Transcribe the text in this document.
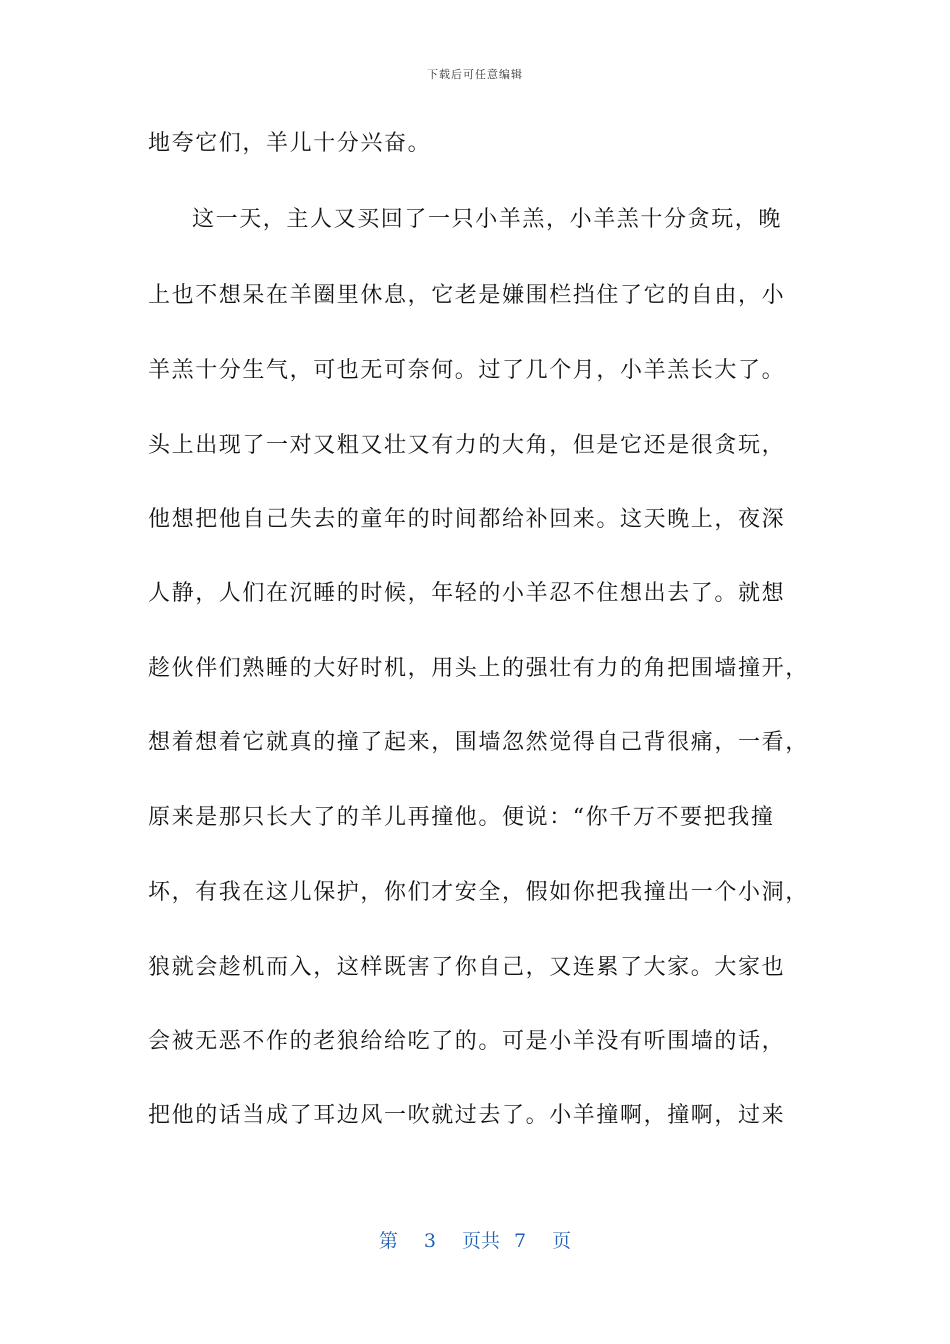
下载后可任意编辑
地夸它们，羊儿十分兴奋。
这一天，主人又买回了一只小羊羔，小羊羔十分贪玩，晚
上也不想呆在羊圈里休息，它老是嫌围栏挡住了它的自由，小
羊羔十分生气，可也无可奈何。过了几个月，小羊羔长大了。
头上出现了一对又粗又壮又有力的大角，但是它还是很贪玩，
他想把他自己失去的童年的时间都给补回来。这天晚上，夜深
人静，人们在沉睡的时候，年轻的小羊忍不住想出去了。就想
趁伙伴们熟睡的大好时机，用头上的强壮有力的角把围墙撞开，
想着想着它就真的撞了起来，围墙忽然觉得自己背很痛，一看，
原来是那只长大了的羊儿再撞他。便说：“你千万不要把我撞
坏，有我在这儿保护，你们才安全，假如你把我撞出一个小洞，
狼就会趁机而入，这样既害了你自己，又连累了大家。大家也
会被无恶不作的老狼给给吃了的。可是小羊没有听围墙的话，
把他的话当成了耳边风一吹就过去了。小羊撞啊，撞啊，过来
第 3 页共 7 页
